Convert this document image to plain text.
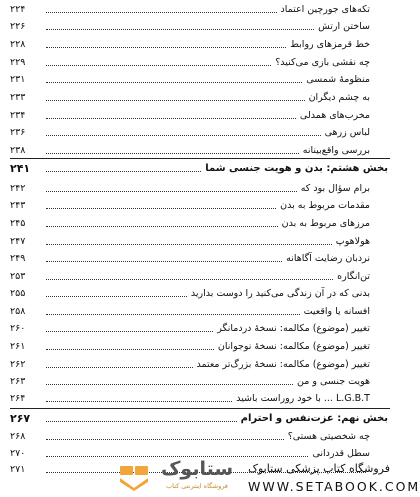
تکه‌های جورچین اعتماد
۲۲۴
ساختن ارتش
۲۲۶
خط قرمزهای روابط
۲۲۸
چه نقشی بازی می‌کنید؟
۲۲۹
منظومهٔ شمسی
۲۳۱
به چشم دیگران
۲۳۳
مخرب‌های همدلی
۲۳۴
لباس زرهی
۲۳۶
بررسی واقع‌بینانه
۲۳۸
بخش هشتم: بدن و هویت جنسی شما
۲۴۱
برام سؤال بود که
۲۴۲
مقدمات مربوط به بدن
۲۴۳
مرزهای مربوط به بدن
۲۴۵
هولاهوپ
۲۴۷
نردبان رضایت آگاهانه
۲۴۹
تن‌انگاره
۲۵۳
بدنی که در آن زندگی می‌کنید را دوست بدارید
۲۵۵
افسانه یا واقعیت
۲۵۸
تغییر (موضوع) مکالمه: نسخهٔ دردمانگر
۲۶۰
تغییر (موضوع) مکالمه: نسخهٔ نوجوانان
۲۶۱
تغییر (موضوع) مکالمه: نسخهٔ بزرگ‌تر معتمد
۲۶۲
هویت جنسی و من
۲۶۳
L.G.B.T ... با خود روراست باشید
۲۶۴
بخش نهم: عزت‌نفس و احترام
۲۶۷
چه شخصیتی هستی؟
۲۶۸
سطل قدردانی
۲۷۰
۲۷۱	ستابوک
فروشگاه اینترنتی کتاب
فروشگاه کتاب پزشکی ستابوک
WWW.SETABOOK.COM
